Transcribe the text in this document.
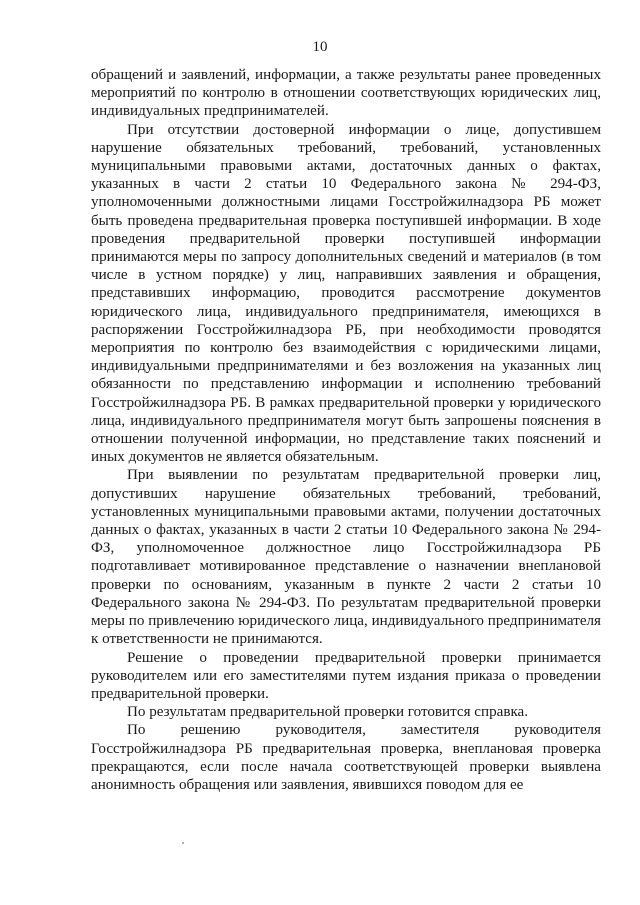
10

обращений и заявлений, информации, а также результаты ранее проведенных мероприятий по контролю в отношении соответствующих юридических лиц, индивидуальных предпринимателей.

При отсутствии достоверной информации о лице, допустившем нарушение обязательных требований, требований, установленных муниципальными правовыми актами, достаточных данных о фактах, указанных в части 2 статьи 10 Федерального закона № 294-ФЗ, уполномоченными должностными лицами Госстройжилнадзора РБ может быть проведена предварительная проверка поступившей информации. В ходе проведения предварительной проверки поступившей информации принимаются меры по запросу дополнительных сведений и материалов (в том числе в устном порядке) у лиц, направивших заявления и обращения, представивших информацию, проводится рассмотрение документов юридического лица, индивидуального предпринимателя, имеющихся в распоряжении Госстройжилнадзора РБ, при необходимости проводятся мероприятия по контролю без взаимодействия с юридическими лицами, индивидуальными предпринимателями и без возложения на указанных лиц обязанности по представлению информации и исполнению требований Госстройжилнадзора РБ. В рамках предварительной проверки у юридического лица, индивидуального предпринимателя могут быть запрошены пояснения в отношении полученной информации, но представление таких пояснений и иных документов не является обязательным.

При выявлении по результатам предварительной проверки лиц, допустивших нарушение обязательных требований, требований, установленных муниципальными правовыми актами, получении достаточных данных о фактах, указанных в части 2 статьи 10 Федерального закона № 294-ФЗ, уполномоченное должностное лицо Госстройжилнадзора РБ подготавливает мотивированное представление о назначении внеплановой проверки по основаниям, указанным в пункте 2 части 2 статьи 10 Федерального закона № 294-ФЗ. По результатам предварительной проверки меры по привлечению юридического лица, индивидуального предпринимателя к ответственности не принимаются.

Решение о проведении предварительной проверки принимается руководителем или его заместителями путем издания приказа о проведении предварительной проверки.

По результатам предварительной проверки готовится справка.

По решению руководителя, заместителя руководителя Госстройжилнадзора РБ предварительная проверка, внеплановая проверка прекращаются, если после начала соответствующей проверки выявлена анонимность обращения или заявления, явившихся поводом для ее
